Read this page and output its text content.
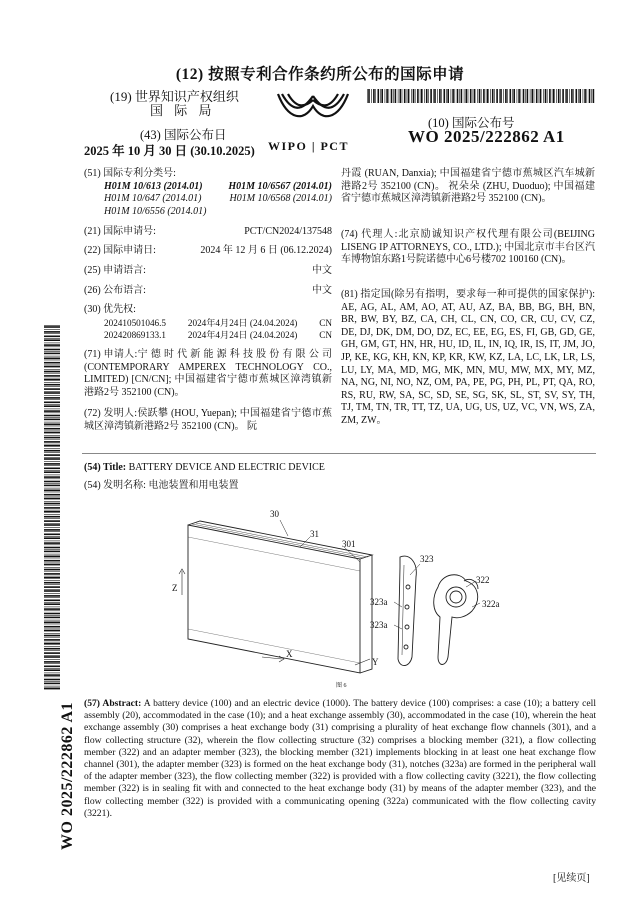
(12) 按照专利合作条约所公布的国际申请
(19) 世界知识产权组织
国 际 局
(43) 国际公布日
2025 年 10 月 30 日 (30.10.2025) WIPO | PCT
(10) 国际公布号
WO 2025/222862 A1
(51) 国际专利分类号:
H01M 10/613 (2014.01)	H01M 10/6567 (2014.01)
H01M 10/647 (2014.01)	H01M 10/6568 (2014.01)
H01M 10/6556 (2014.01)
(21) 国际申请号:	PCT/CN2024/137548
(22) 国际申请日:	2024 年 12 月 6 日 (06.12.2024)
(25) 申请语言:	中文
(26) 公布语言:	中文
(30) 优先权:
202410501046.5 2024年4月24日 (24.04.2024) CN
202420869133.1 2024年4月24日 (24.04.2024) CN
(71) 申请人:宁 德 时 代 新 能 源 科 技 股 份 有 限 公 司 (CONTEMPORARY AMPEREX TECHNOLOGY CO., LIMITED) [CN/CN]; 中国福建省宁德市蕉城区漳湾镇新港路2号 352100 (CN)。
(72) 发明人:侯跃攀 (HOU, Yuepan); 中国福建省宁德市蕉城区漳湾镇新港路2号 352100 (CN)。 阮
丹霞 (RUAN, Danxia); 中国福建省宁德市蕉城区汽车城新港路2号 352100 (CN)。 祝朵朵 (ZHU, Duoduo); 中国福建省宁德市蕉城区漳湾镇新港路2号 352100 (CN)。
(74) 代理人:北京励诚知识产权代理有限公司(BEIJING LISENG IP ATTORNEYS, CO., LTD.); 中国北京市丰台区汽车博物馆东路1号院诺德中心6号楼702 100160 (CN)。
(81) 指定国(除另有指明，要求每一种可提供的国家保护): AE, AG, AL, AM, AO, AT, AU, AZ, BA, BB, BG, BH, BN, BR, BW, BY, BZ, CA, CH, CL, CN, CO, CR, CU, CV, CZ, DE, DJ, DK, DM, DO, DZ, EC, EE, EG, ES, FI, GB, GD, GE, GH, GM, GT, HN, HR, HU, ID, IL, IN, IQ, IR, IS, IT, JM, JO, JP, KE, KG, KH, KN, KP, KR, KW, KZ, LA, LC, LK, LR, LS, LU, LY, MA, MD, MG, MK, MN, MU, MW, MX, MY, MZ, NA, NG, NI, NO, NZ, OM, PA, PE, PG, PH, PL, PT, QA, RO, RS, RU, RW, SA, SC, SD, SE, SG, SK, SL, ST, SV, SY, TH, TJ, TM, TN, TR, TT, TZ, UA, UG, US, UZ, VC, VN, WS, ZA, ZM, ZW。
WO 2025/222862 A1
(54) Title: BATTERY DEVICE AND ELECTRIC DEVICE
(54) 发明名称: 电池装置和用电装置
30
31
301
323
322
322a
323a
323a
Z
X
Y
图 6
(57) Abstract: A battery device (100) and an electric device (1000). The battery device (100) comprises: a case (10); a battery cell assembly (20), accommodated in the case (10); and a heat exchange assembly (30), accommodated in the case (10), wherein the heat exchange assembly (30) comprises a heat exchange body (31) comprising a plurality of heat exchange flow channels (301), and a flow collecting structure (32), wherein the flow collecting structure (32) comprises a blocking member (321), a flow collecting member (322) and an adapter member (323), the blocking member (321) implements blocking in at least one heat exchange flow channel (301), the adapter member (323) is formed on the heat exchange body (31), notches (323a) are formed in the peripheral wall of the adapter member (323), the flow collecting member (322) is provided with a flow collecting cavity (3221), the flow collecting member (322) is in sealing fit with and connected to the heat exchange body (31) by means of the adapter member (323), and the flow collecting member (322) is provided with a communicating opening (322a) communicated with the flow collecting cavity (3221).
[见续页]
